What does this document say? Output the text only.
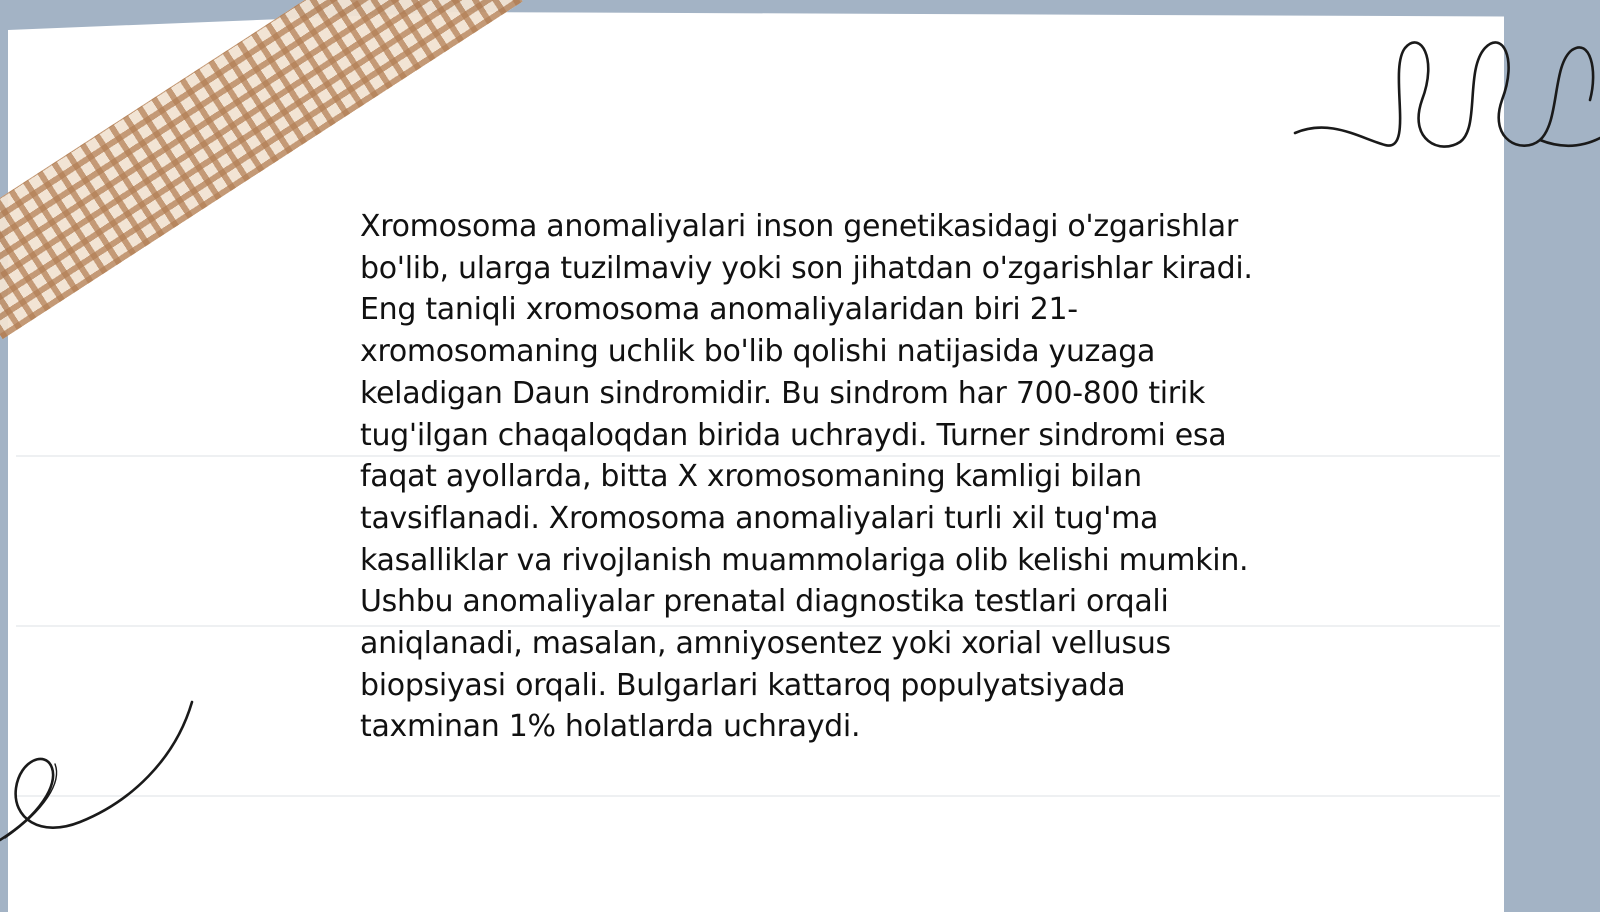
Xromosoma anomaliyalari inson genetikasidagi o'zgarishlar bo'lib, ularga tuzilmaviy yoki son jihatdan o'zgarishlar kiradi. Eng taniqli xromosoma anomaliyalaridan biri 21-xromosomaning uchlik bo'lib qolishi natijasida yuzaga keladigan Daun sindromidir. Bu sindrom har 700-800 tirik tug'ilgan chaqaloqdan birida uchraydi. Turner sindromi esa faqat ayollarda, bitta X xromosomaning kamligi bilan tavsiflanadi. Xromosoma anomaliyalari turli xil tug'ma kasalliklar va rivojlanish muammolariga olib kelishi mumkin. Ushbu anomaliyalar prenatal diagnostika testlari orqali aniqlanadi, masalan, amniyosentez yoki xorial vellusus biopsiyasi orqali. Bulgarlari kattaroq populyatsiyada taxminan 1% holatlarda uchraydi.
